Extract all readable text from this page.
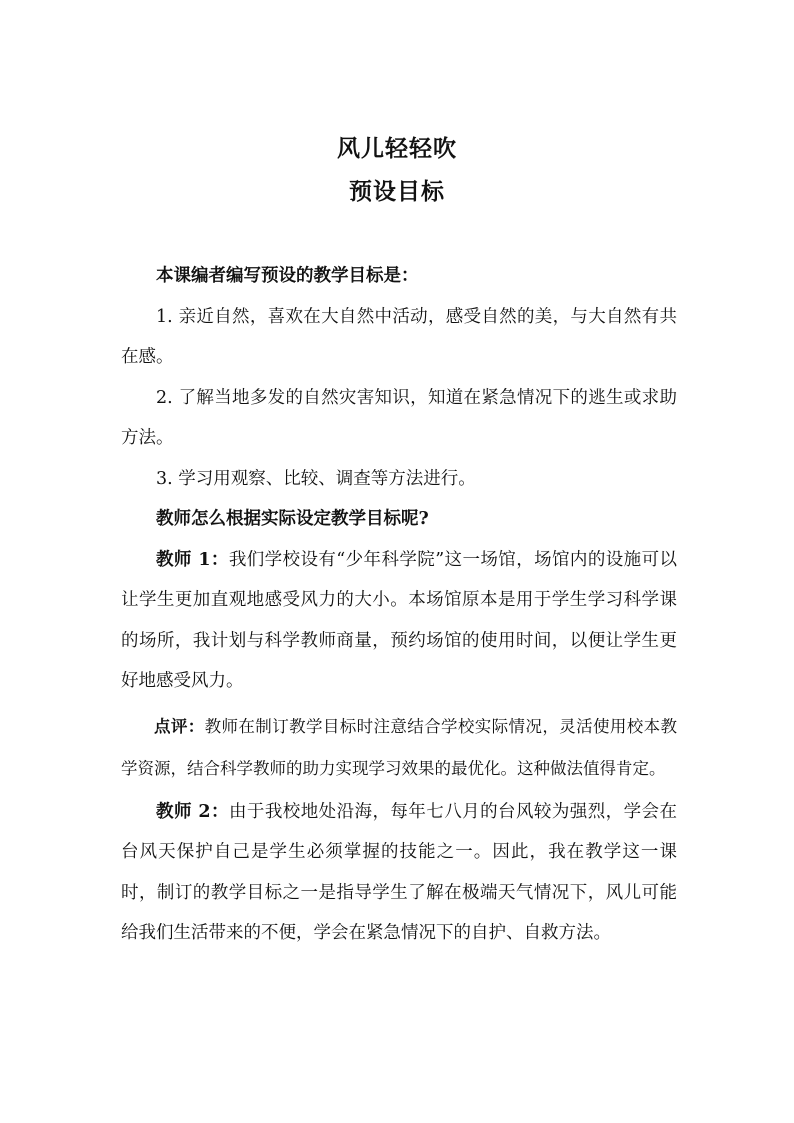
风儿轻轻吹
预设目标

本课编者编写预设的教学目标是：

1. 亲近自然，喜欢在大自然中活动，感受自然的美，与大自然有共在感。

2. 了解当地多发的自然灾害知识，知道在紧急情况下的逃生或求助方法。

3. 学习用观察、比较、调查等方法进行。

教师怎么根据实际设定教学目标呢?

教师 1：我们学校设有“少年科学院”这一场馆，场馆内的设施可以让学生更加直观地感受风力的大小。本场馆原本是用于学生学习科学课的场所，我计划与科学教师商量，预约场馆的使用时间，以便让学生更好地感受风力。

点评：教师在制订教学目标时注意结合学校实际情况，灵活使用校本教学资源，结合科学教师的助力实现学习效果的最优化。这种做法值得肯定。

教师 2：由于我校地处沿海，每年七八月的台风较为强烈，学会在台风天保护自己是学生必须掌握的技能之一。因此，我在教学这一课时，制订的教学目标之一是指导学生了解在极端天气情况下，风儿可能给我们生活带来的不便，学会在紧急情况下的自护、自救方法。
